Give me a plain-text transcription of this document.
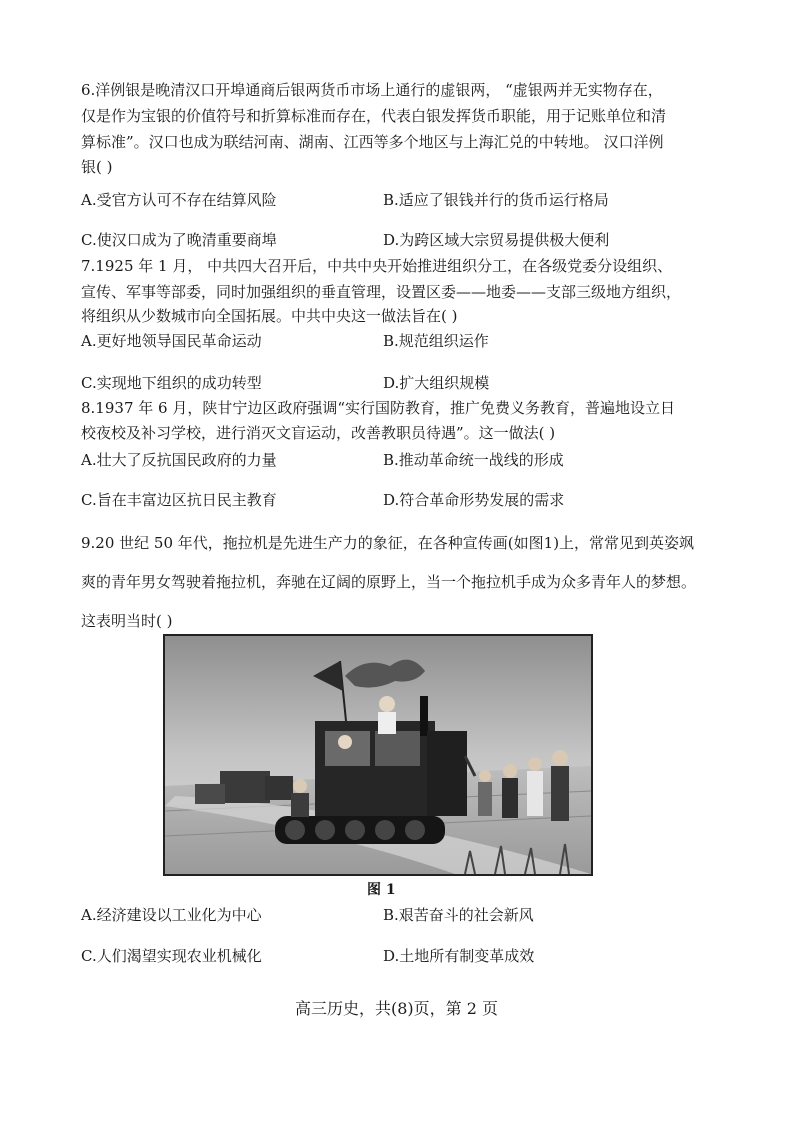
6.洋例银是晚清汉口开埠通商后银两货币市场上通行的虚银两， “虚银两并无实物存在，
仅是作为宝银的价值符号和折算标准而存在，代表白银发挥货币职能，用于记账单位和清
算标准”。汉口也成为联结河南、湖南、江西等多个地区与上海汇兑的中转地。 汉口洋例
银( )
A.受官方认可不存在结算风险	B.适应了银钱并行的货币运行格局
C.使汉口成为了晚清重要商埠	D.为跨区域大宗贸易提供极大便利
7.1925 年 1 月， 中共四大召开后，中共中央开始推进组织分工，在各级党委分设组织、
宣传、军事等部委，同时加强组织的垂直管理，设置区委——地委——支部三级地方组织，
将组织从少数城市向全国拓展。中共中央这一做法旨在( )
A.更好地领导国民革命运动	B.规范组织运作
C.实现地下组织的成功转型	D.扩大组织规模
8.1937 年 6 月，陕甘宁边区政府强调“实行国防教育，推广免费义务教育，普遍地设立日
校夜校及补习学校，进行消灭文盲运动，改善教职员待遇”。这一做法( )
A.壮大了反抗国民政府的力量	B.推动革命统一战线的形成
C.旨在丰富边区抗日民主教育	D.符合革命形势发展的需求
9.20 世纪 50 年代，拖拉机是先进生产力的象征，在各种宣传画(如图1)上，常常见到英姿飒
爽的青年男女驾驶着拖拉机，奔驰在辽阔的原野上，当一个拖拉机手成为众多青年人的梦想。
这表明当时( )
图 1
A.经济建设以工业化为中心	B.艰苦奋斗的社会新风
C.人们渴望实现农业机械化	D.土地所有制变革成效
高三历史，共(8)页，第 2 页
